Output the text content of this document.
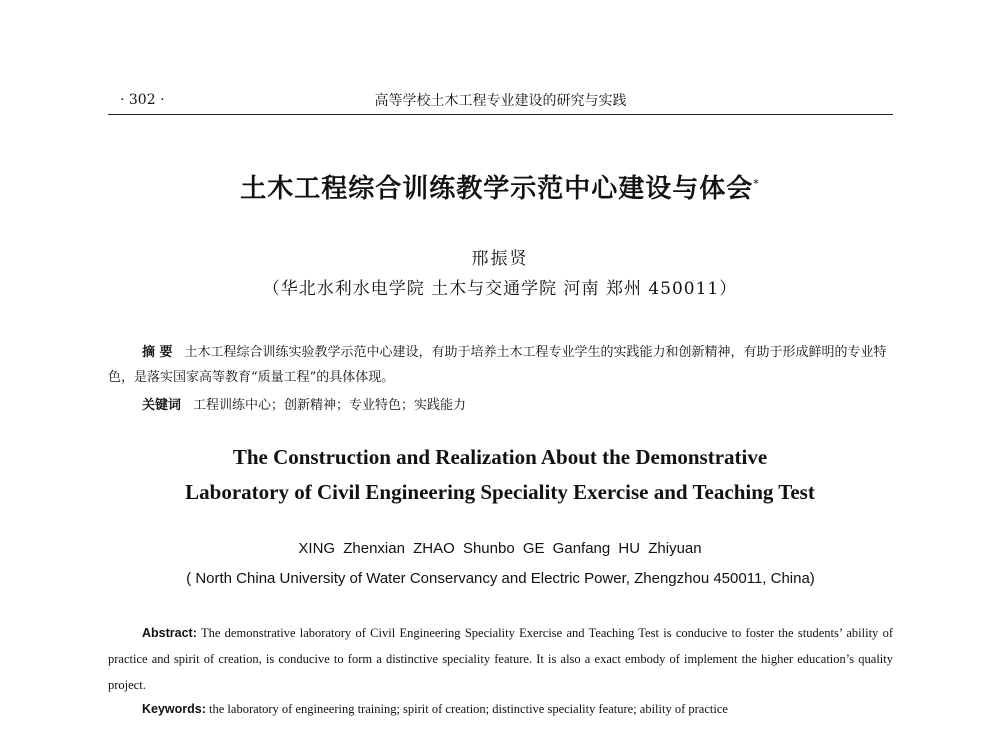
· 302 ·	高等学校土木工程专业建设的研究与实践
土木工程综合训练教学示范中心建设与体会*
邢振贤
（华北水利水电学院 土木与交通学院 河南 郑州 450011）
摘 要 土木工程综合训练实验教学示范中心建设，有助于培养土木工程专业学生的实践能力和创新精神，有助于形成鲜明的专业特色，是落实国家高等教育“质量工程”的具体体现。
关键词 工程训练中心；创新精神；专业特色；实践能力
The Construction and Realization About the Demonstrative
Laboratory of Civil Engineering Speciality Exercise and Teaching Test
XING Zhenxian ZHAO Shunbo GE Ganfang HU Zhiyuan
( North China University of Water Conservancy and Electric Power, Zhengzhou 450011, China)
Abstract: The demonstrative laboratory of Civil Engineering Speciality Exercise and Teaching Test is conducive to foster the students’ ability of practice and spirit of creation, is conducive to form a distinctive speciality feature. It is also a exact embody of implement the higher education’s quality project.
Keywords: the laboratory of engineering training; spirit of creation; distinctive speciality feature; ability of practice
